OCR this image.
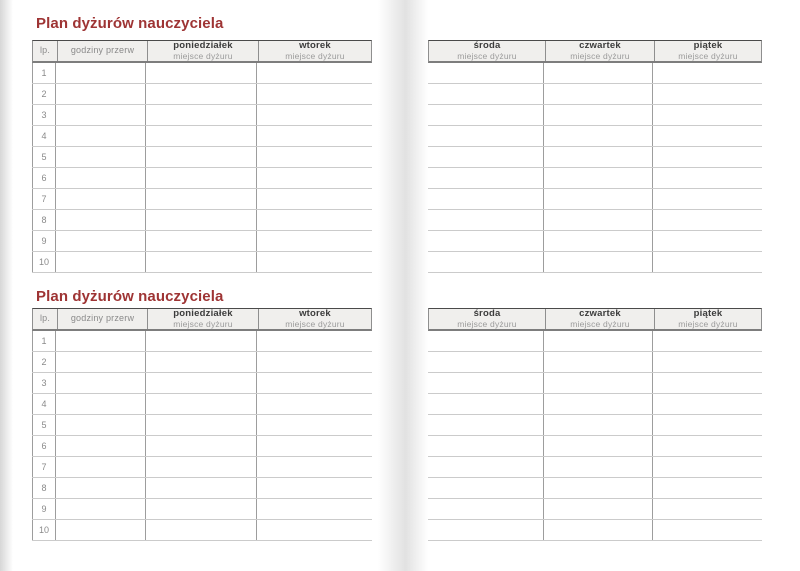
Plan dyżurów nauczyciela
Plan dyżurów nauczyciela
lp. godziny przerw	poniedziałek
miejsce dyżuru
wtorek
miejsce dyżuru
1
2
3
4
5
6
7
8
9
10
lp. godziny przerw	poniedziałek
miejsce dyżuru
wtorek
miejsce dyżuru
1
2
3
4
5
6
7
8
9
10
środa
miejsce dyżuru
czwartek
miejsce dyżuru
piątek
miejsce dyżuru
środa
miejsce dyżuru
czwartek
miejsce dyżuru
piątek
miejsce dyżuru
